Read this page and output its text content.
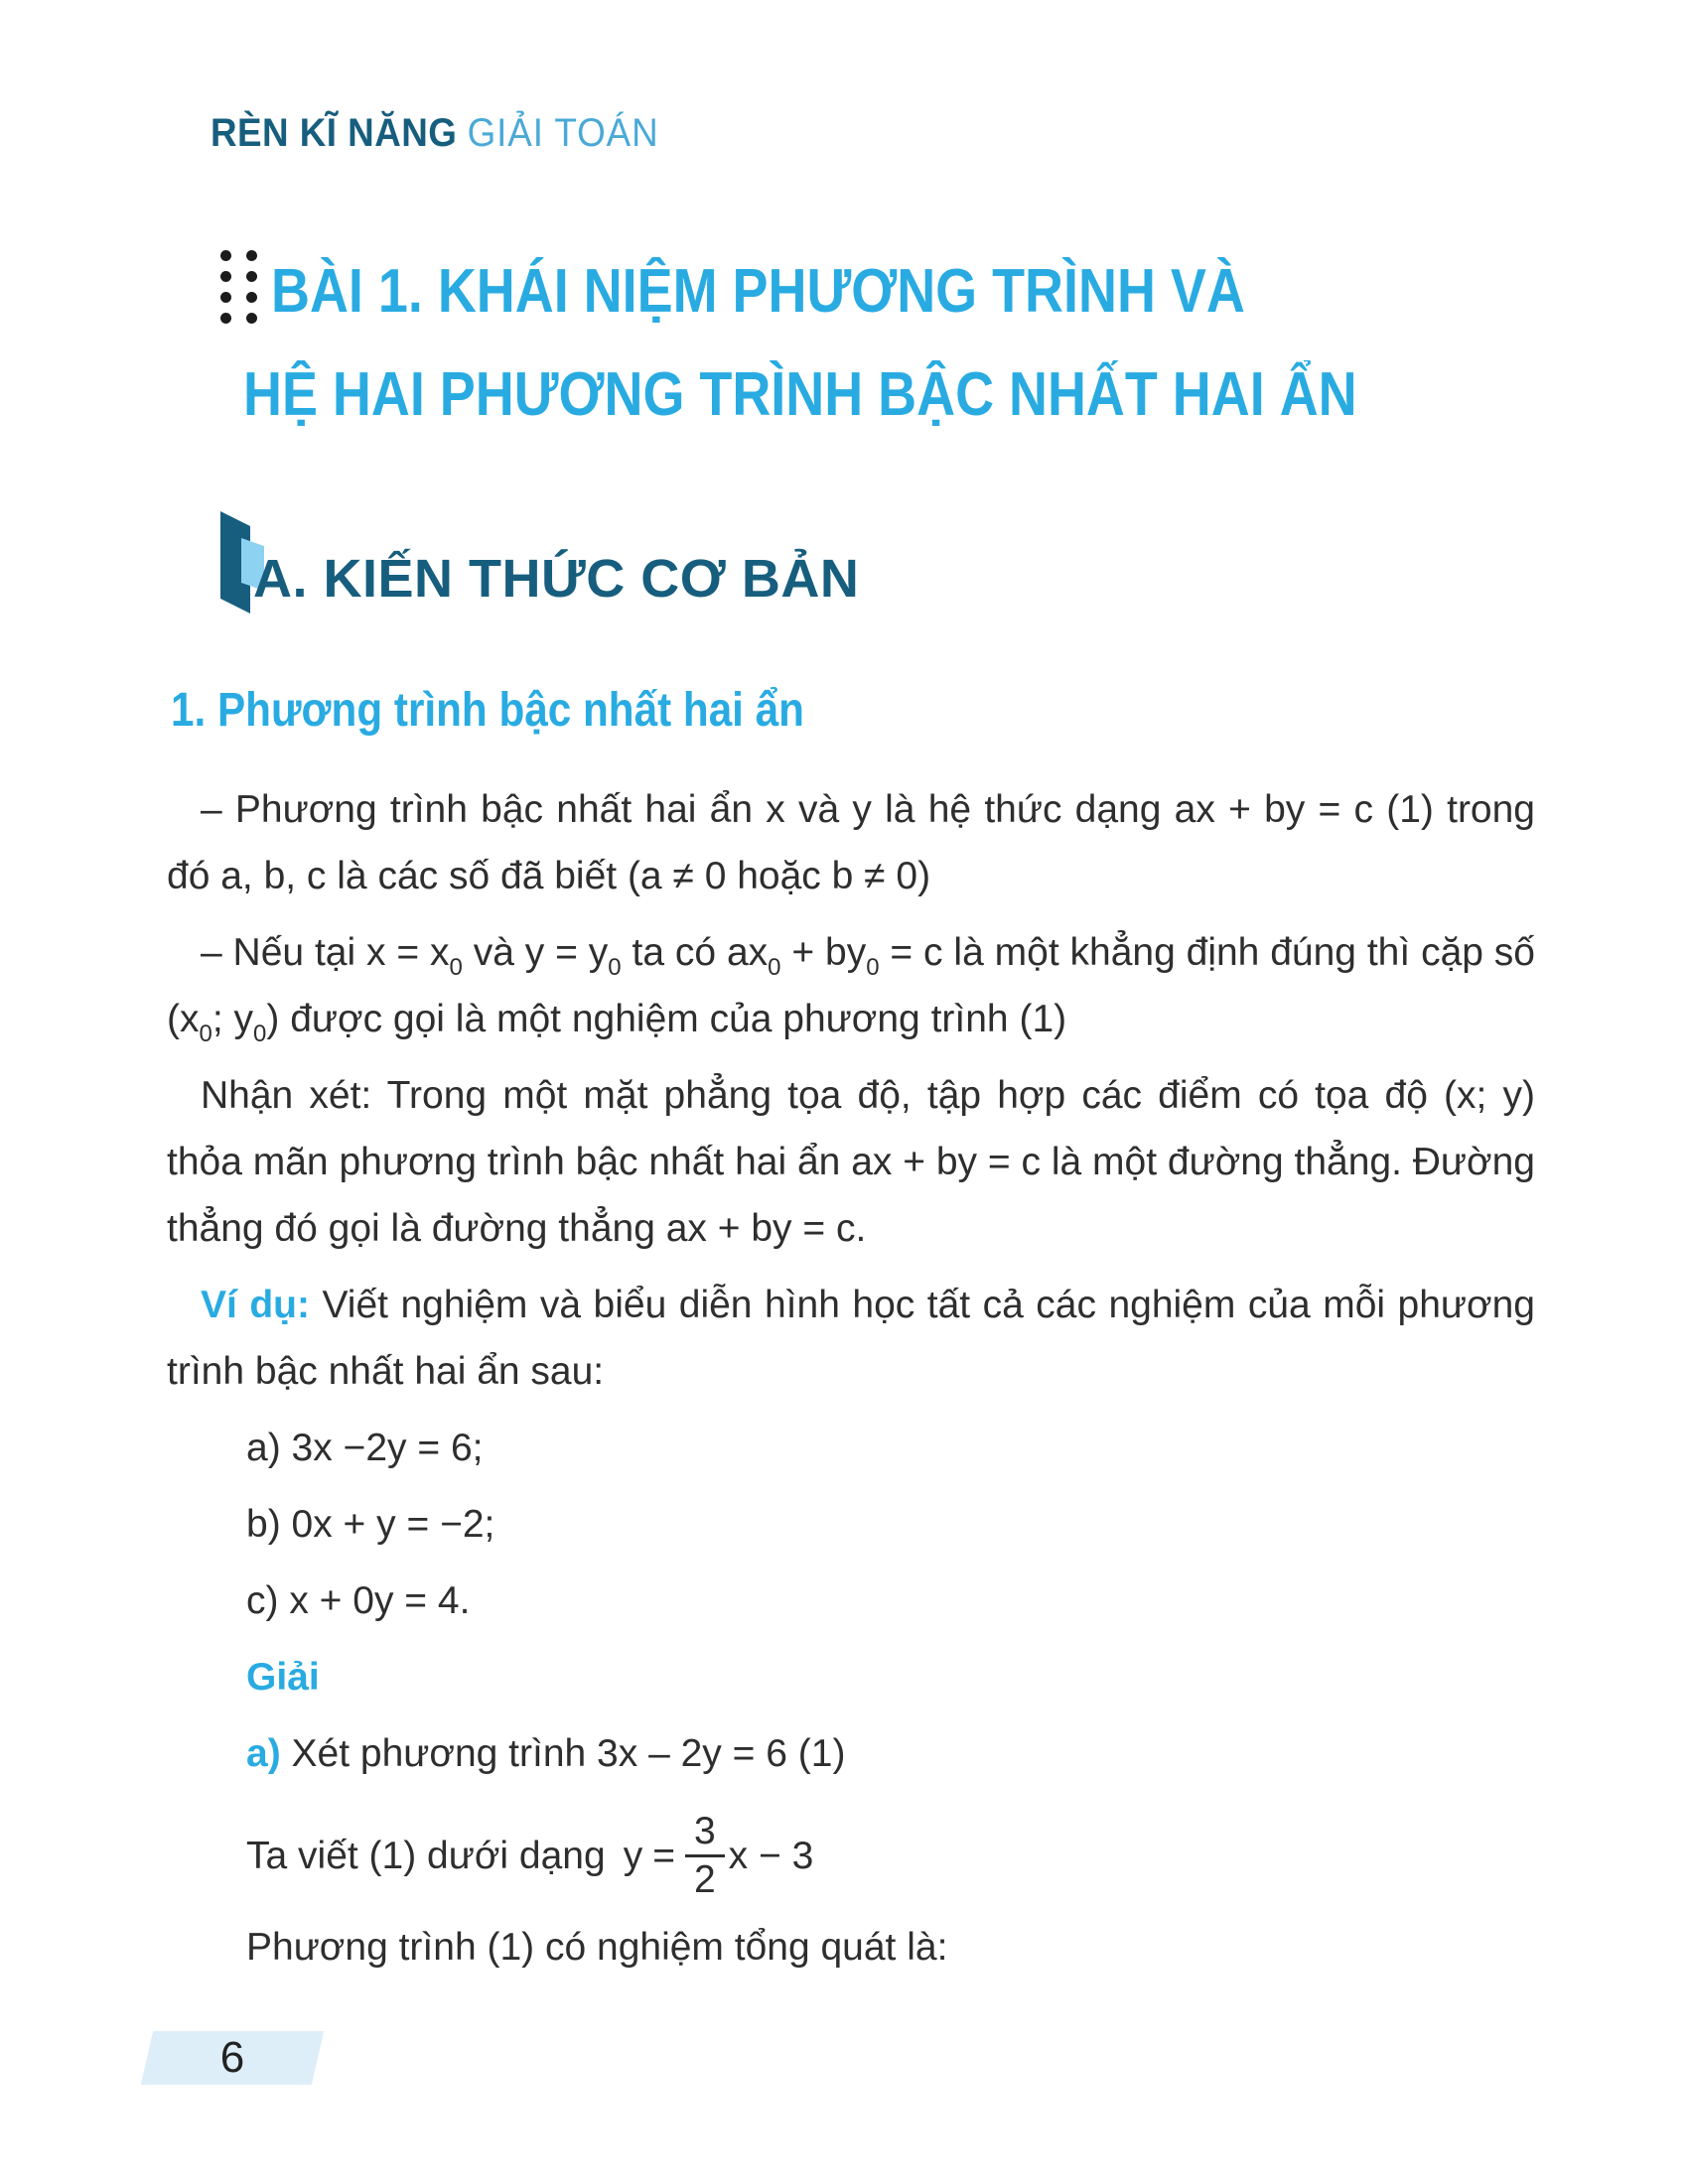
RÈN KĨ NĂNG GIẢI TOÁN
BÀI 1. KHÁI NIỆM PHƯƠNG TRÌNH VÀ
HỆ HAI PHƯƠNG TRÌNH BẬC NHẤT HAI ẨN
A. KIẾN THỨC CƠ BẢN
1. Phương trình bậc nhất hai ẩn

– Phương trình bậc nhất hai ẩn x và y là hệ thức dạng ax + by = c (1) trong đó a, b, c là các số đã biết (a ≠ 0 hoặc b ≠ 0)

– Nếu tại $x = x_0$ và $y = y_0$ ta có $ax_0 + by_0 = c$ là một khẳng định đúng thì cặp số ($x_0$; $y_0$) được gọi là một nghiệm của phương trình (1)

Nhận xét: Trong một mặt phẳng tọa độ, tập hợp các điểm có tọa độ (x; y) thỏa mãn phương trình bậc nhất hai ẩn ax + by = c là một đường thẳng. Đường thẳng đó gọi là đường thẳng ax + by = c.

Ví dụ: Viết nghiệm và biểu diễn hình học tất cả các nghiệm của mỗi phương trình bậc nhất hai ẩn sau:

a) 3x −2y = 6;
b) 0x + y = −2;
c) x + 0y = 4.
Giải
a) Xét phương trình 3x – 2y = 6 (1)
Ta viết (1) dưới dạng $y = \frac{3}{2}$ x − 3
Phương trình (1) có nghiệm tổng quát là:
6
